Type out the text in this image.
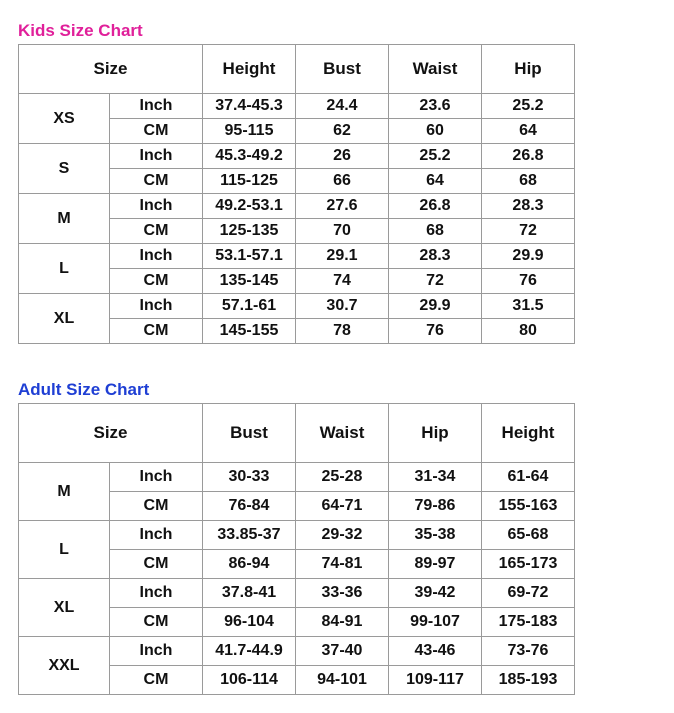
Kids Size Chart
Size		Height	Bust	Waist	Hip
XS	Inch	37.4-45.3	24.4	23.6	25.2
	CM	95-115	62	60	64
S	Inch	45.3-49.2	26	25.2	26.8
	CM	115-125	66	64	68
M	Inch	49.2-53.1	27.6	26.8	28.3
	CM	125-135	70	68	72
L	Inch	53.1-57.1	29.1	28.3	29.9
	CM	135-145	74	72	76
XL	Inch	57.1-61	30.7	29.9	31.5
	CM	145-155	78	76	80
Adult Size Chart
Size		Bust	Waist	Hip	Height
M	Inch	30-33	25-28	31-34	61-64
	CM	76-84	64-71	79-86	155-163
L	Inch	33.85-37	29-32	35-38	65-68
	CM	86-94	74-81	89-97	165-173
XL	Inch	37.8-41	33-36	39-42	69-72
	CM	96-104	84-91	99-107	175-183
XXL	Inch	41.7-44.9	37-40	43-46	73-76
	CM	106-114	94-101	109-117	185-193
